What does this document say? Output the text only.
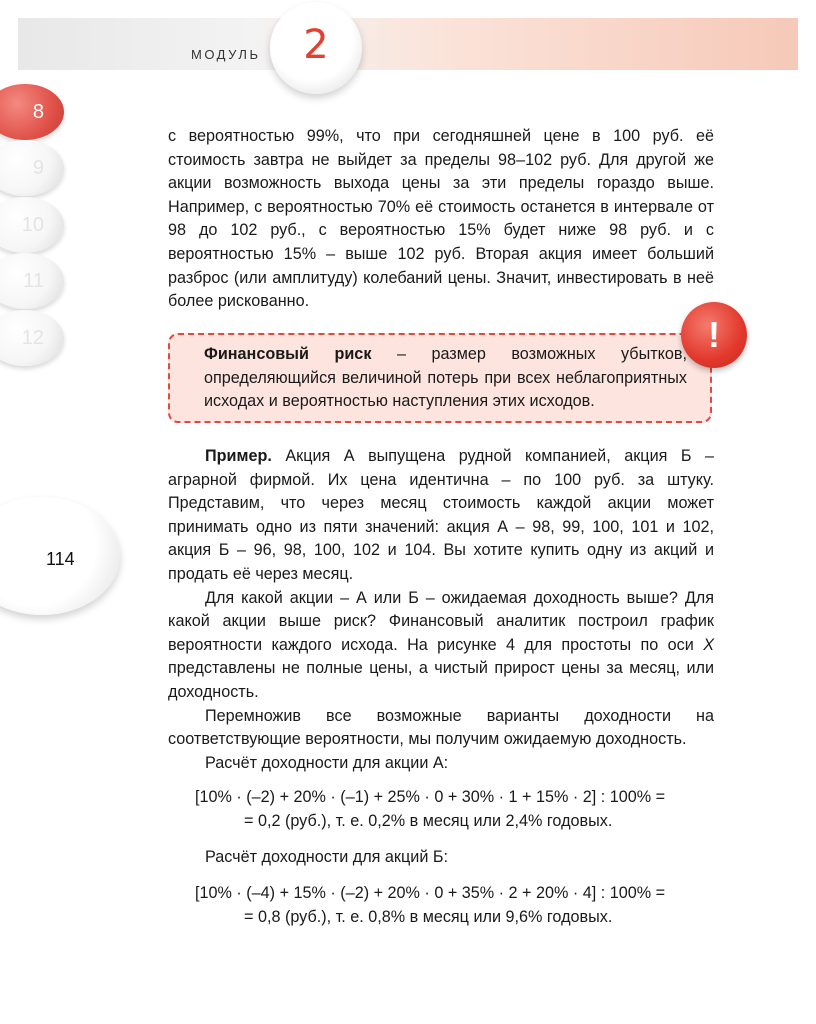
МОДУЛЬ 2
8
9
10
11
12
114

с вероятностью 99%, что при сегодняшней цене в 100 руб. её стоимость завтра не выйдет за пределы 98–102 руб. Для другой же акции возможность выхода цены за эти пределы гораздо выше. Например, с вероятностью 70% её стоимость останется в интервале от 98 до 102 руб., с вероятностью 15% будет ниже 98 руб. и с вероятностью 15% – выше 102 руб. Вторая акция имеет больший разброс (или амплитуду) колебаний цены. Значит, инвестировать в неё более рискованно.

Финансовый риск – размер возможных убытков, определяющийся величиной потерь при всех неблагоприятных исходах и вероятностью наступления этих исходов.
!

Пример. Акция А выпущена рудной компанией, акция Б – аграрной фирмой. Их цена идентична – по 100 руб. за штуку. Представим, что через месяц стоимость каждой акции может принимать одно из пяти значений: акция А – 98, 99, 100, 101 и 102, акция Б – 96, 98, 100, 102 и 104. Вы хотите купить одну из акций и продать её через месяц.

Для какой акции – А или Б – ожидаемая доходность выше? Для какой акции выше риск? Финансовый аналитик построил график вероятности каждого исхода. На рисунке 4 для простоты по оси X представлены не полные цены, а чистый прирост цены за месяц, или доходность.

Перемножив все возможные варианты доходности на соответствующие вероятности, мы получим ожидаемую доходность.

Расчёт доходности для акции А:

[10% · (–2) + 20% · (–1) + 25% · 0 + 30% · 1 + 15% · 2] : 100% =
= 0,2 (руб.), т. е. 0,2% в месяц или 2,4% годовых.

Расчёт доходности для акций Б:

[10% · (–4) + 15% · (–2) + 20% · 0 + 35% · 2 + 20% · 4] : 100% =
= 0,8 (руб.), т. е. 0,8% в месяц или 9,6% годовых.
